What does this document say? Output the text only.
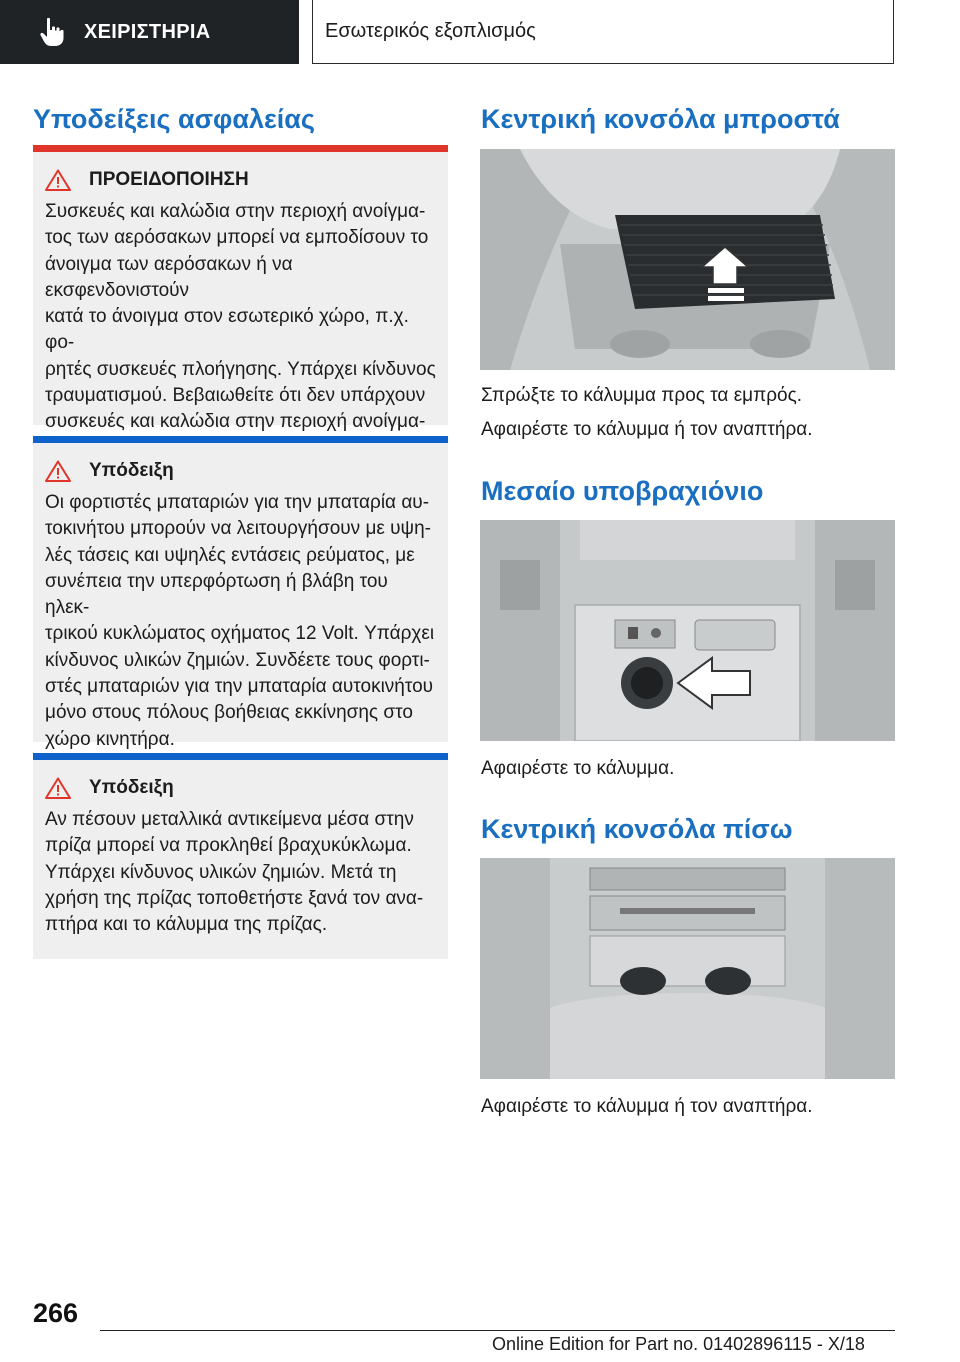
ΧΕΙΡΙΣΤΗΡΙΑ	Εσωτερικός εξοπλισμός
Υποδείξεις ασφαλείας
ΠΡΟΕΙΔΟΠΟΙΗΣΗ

Συσκευές και καλώδια στην περιοχή ανοίγμα-
τος των αερόσακων μπορεί να εμποδίσουν το
άνοιγμα των αερόσακων ή να εκσφενδονιστούν
κατά το άνοιγμα στον εσωτερικό χώρο, π.χ. φο-
ρητές συσκευές πλοήγησης. Υπάρχει κίνδυνος
τραυματισμού. Βεβαιωθείτε ότι δεν υπάρχουν
συσκευές και καλώδια στην περιοχή ανοίγμα-

Υπόδειξη

Οι φορτιστές μπαταριών για την μπαταρία αυ-
τοκινήτου μπορούν να λειτουργήσουν με υψη-
λές τάσεις και υψηλές εντάσεις ρεύματος, με
συνέπεια την υπερφόρτωση ή βλάβη του ηλεκ-
τρικού κυκλώματος οχήματος 12 Volt. Υπάρχει
κίνδυνος υλικών ζημιών. Συνδέετε τους φορτι-
στές μπαταριών για την μπαταρία αυτοκινήτου
μόνο στους πόλους βοήθειας εκκίνησης στο
χώρο κινητήρα.

Υπόδειξη

Αν πέσουν μεταλλικά αντικείμενα μέσα στην
πρίζα μπορεί να προκληθεί βραχυκύκλωμα.
Υπάρχει κίνδυνος υλικών ζημιών. Μετά τη
χρήση της πρίζας τοποθετήστε ξανά τον ανα-
πτήρα και το κάλυμμα της πρίζας.

Κεντρική κονσόλα μπροστά

Σπρώξτε το κάλυμμα προς τα εμπρός.

Αφαιρέστε το κάλυμμα ή τον αναπτήρα.

Μεσαίο υποβραχιόνιο

Αφαιρέστε το κάλυμμα.

Κεντρική κονσόλα πίσω

Αφαιρέστε το κάλυμμα ή τον αναπτήρα.

266
Online Edition for Part no. 01402896115 - X/18
